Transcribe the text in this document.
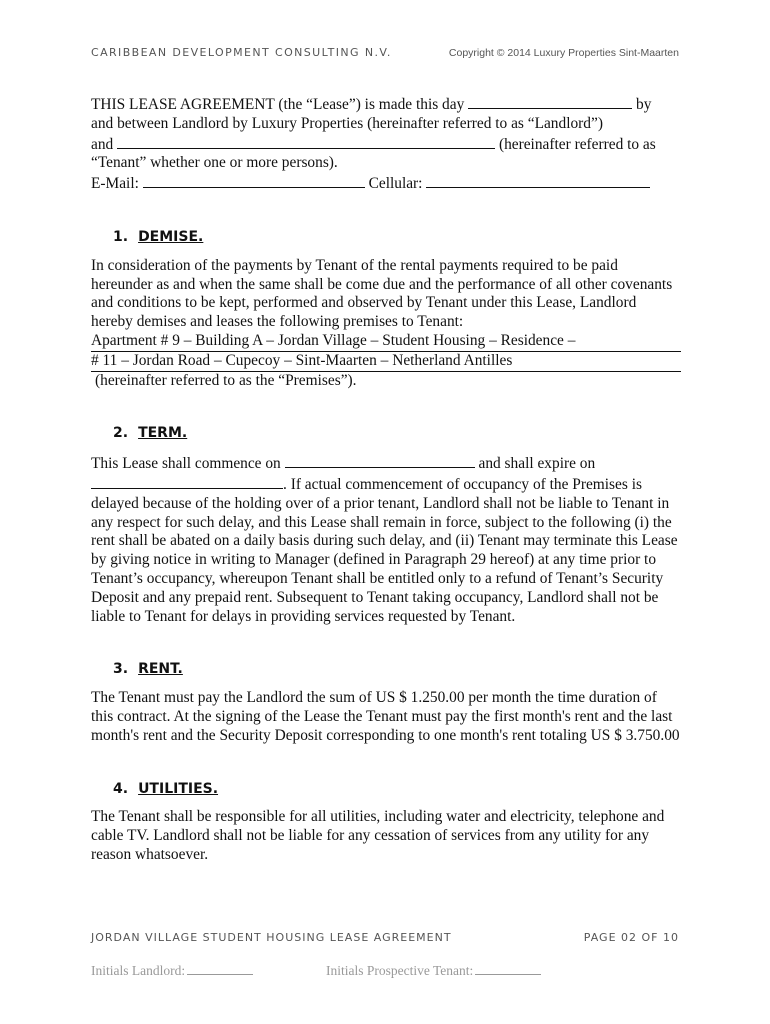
CARIBBEAN DEVELOPMENT CONSULTING N.V.	Copyright © 2014 Luxury Properties Sint-Maarten

THIS LEASE AGREEMENT (the “Lease”) is made this day	by
and between Landlord by Luxury Properties (hereinafter referred to as “Landlord”)
and	(hereinafter referred to as
“Tenant” whether one or more persons).
E-Mail:	Cellular:

1. DEMISE.

In consideration of the payments by Tenant of the rental payments required to be paid hereunder as and when the same shall be come due and the performance of all other covenants and conditions to be kept, performed and observed by Tenant under this Lease, Landlord hereby demises and leases the following premises to Tenant:

Apartment # 9 – Building A – Jordan Village – Student Housing – Residence –
# 11 – Jordan Road – Cupecoy – Sint-Maarten – Netherland Antilles

(hereinafter referred to as the “Premises”).

2. TERM.

This Lease shall commence on	and shall expire on
. If actual commencement of occupancy of the Premises is delayed because of the holding over of a prior tenant, Landlord shall not be liable to Tenant in any respect for such delay, and this Lease shall remain in force, subject to the following (i) the rent shall be abated on a daily basis during such delay, and (ii) Tenant may terminate this Lease by giving notice in writing to Manager (defined in Paragraph 29 hereof) at any time prior to Tenant’s occupancy, whereupon Tenant shall be entitled only to a refund of Tenant’s Security Deposit and any prepaid rent. Subsequent to Tenant taking occupancy, Landlord shall not be liable to Tenant for delays in providing services requested by Tenant.

3. RENT.

The Tenant must pay the Landlord the sum of US $ 1.250.00 per month the time duration of this contract. At the signing of the Lease the Tenant must pay the first month's rent and the last month's rent and the Security Deposit corresponding to one month's rent totaling US $ 3.750.00

4. UTILITIES.

The Tenant shall be responsible for all utilities, including water and electricity, telephone and cable TV. Landlord shall not be liable for any cessation of services from any utility for any reason whatsoever.

JORDAN VILLAGE STUDENT HOUSING LEASE AGREEMENT	PAGE 02 OF 10
Initials Landlord:	Initials Prospective Tenant:
